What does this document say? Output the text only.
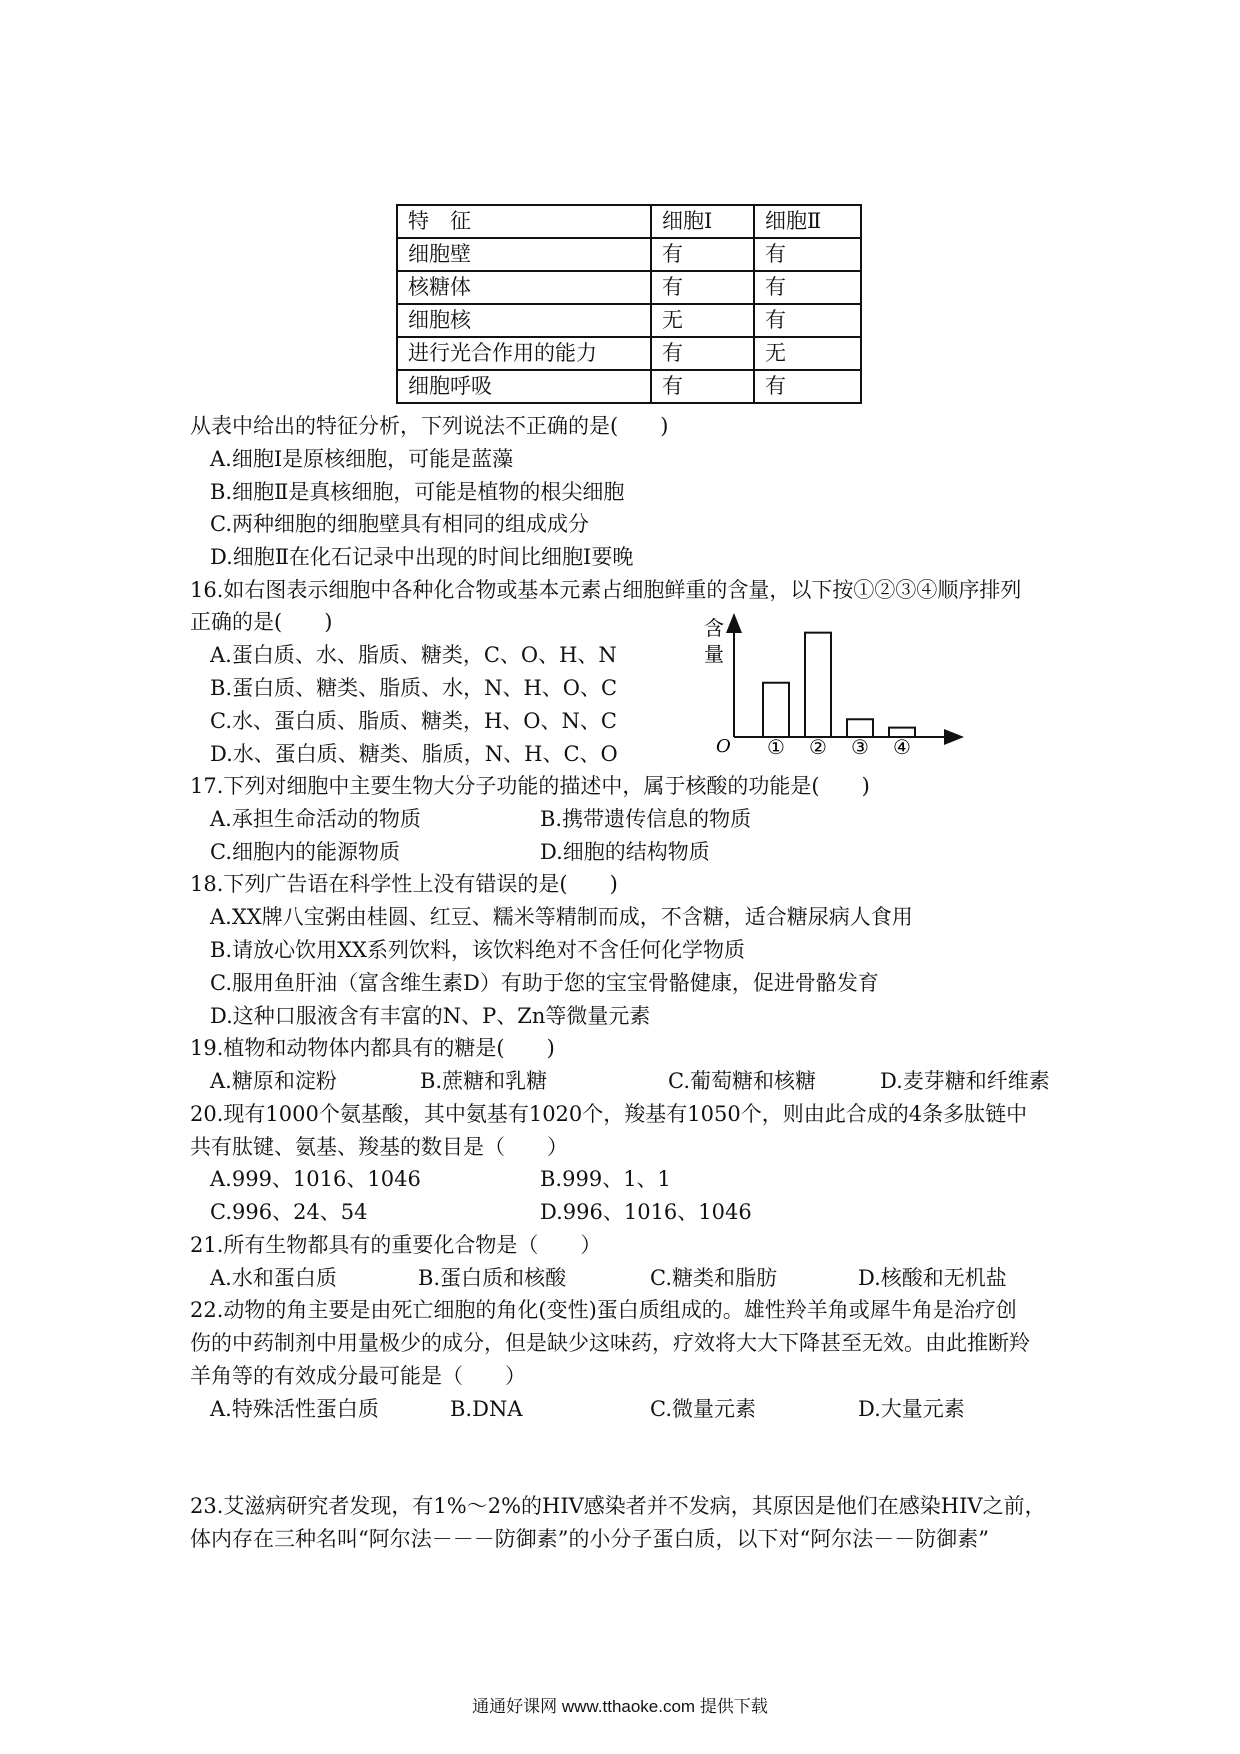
特　征	细胞Ⅰ	细胞Ⅱ
细胞壁	有	有
核糖体	有	有
细胞核	无	有
进行光合作用的能力	有	无
细胞呼吸	有	有
从表中给出的特征分析，下列说法不正确的是(　　)
A.细胞Ⅰ是原核细胞，可能是蓝藻
B.细胞Ⅱ是真核细胞，可能是植物的根尖细胞
C.两种细胞的细胞壁具有相同的组成成分
D.细胞Ⅱ在化石记录中出现的时间比细胞Ⅰ要晚
16.如右图表示细胞中各种化合物或基本元素占细胞鲜重的含量，以下按①②③④顺序排列
正确的是(　　)
A.蛋白质、水、脂质、糖类，C、O、H、N
B.蛋白质、糖类、脂质、水，N、H、O、C
C.水、蛋白质、脂质、糖类，H、O、N、C
D.水、蛋白质、糖类、脂质，N、H、C、O
含 量
O ① ② ③ ④
17.下列对细胞中主要生物大分子功能的描述中，属于核酸的功能是(　　)
A.承担生命活动的物质	B.携带遗传信息的物质
C.细胞内的能源物质	D.细胞的结构物质
18.下列广告语在科学性上没有错误的是(　　)
A.XX牌八宝粥由桂圆、红豆、糯米等精制而成，不含糖，适合糖尿病人食用
B.请放心饮用XX系列饮料，该饮料绝对不含任何化学物质
C.服用鱼肝油（富含维生素D）有助于您的宝宝骨骼健康，促进骨骼发育
D.这种口服液含有丰富的N、P、Zn等微量元素
19.植物和动物体内都具有的糖是(　　)
A.糖原和淀粉	B.蔗糖和乳糖	C.葡萄糖和核糖	D.麦芽糖和纤维素
20.现有1000个氨基酸，其中氨基有1020个，羧基有1050个，则由此合成的4条多肽链中
共有肽键、氨基、羧基的数目是（　　）
A.999、1016、1046	B.999、1、1
C.996、24、54	D.996、1016、1046
21.所有生物都具有的重要化合物是（　　）
A.水和蛋白质	B.蛋白质和核酸	C.糖类和脂肪	D.核酸和无机盐
22.动物的角主要是由死亡细胞的角化(变性)蛋白质组成的。雄性羚羊角或犀牛角是治疗创
伤的中药制剂中用量极少的成分，但是缺少这味药，疗效将大大下降甚至无效。由此推断羚
羊角等的有效成分最可能是（　　）
A.特殊活性蛋白质	B.DNA	C.微量元素	D.大量元素
23.艾滋病研究者发现，有1%～2%的HIV感染者并不发病，其原因是他们在感染HIV之前，
体内存在三种名叫“阿尔法－－－防御素”的小分子蛋白质，以下对“阿尔法－－防御素”
通通好课网 www.tthaoke.com 提供下载
